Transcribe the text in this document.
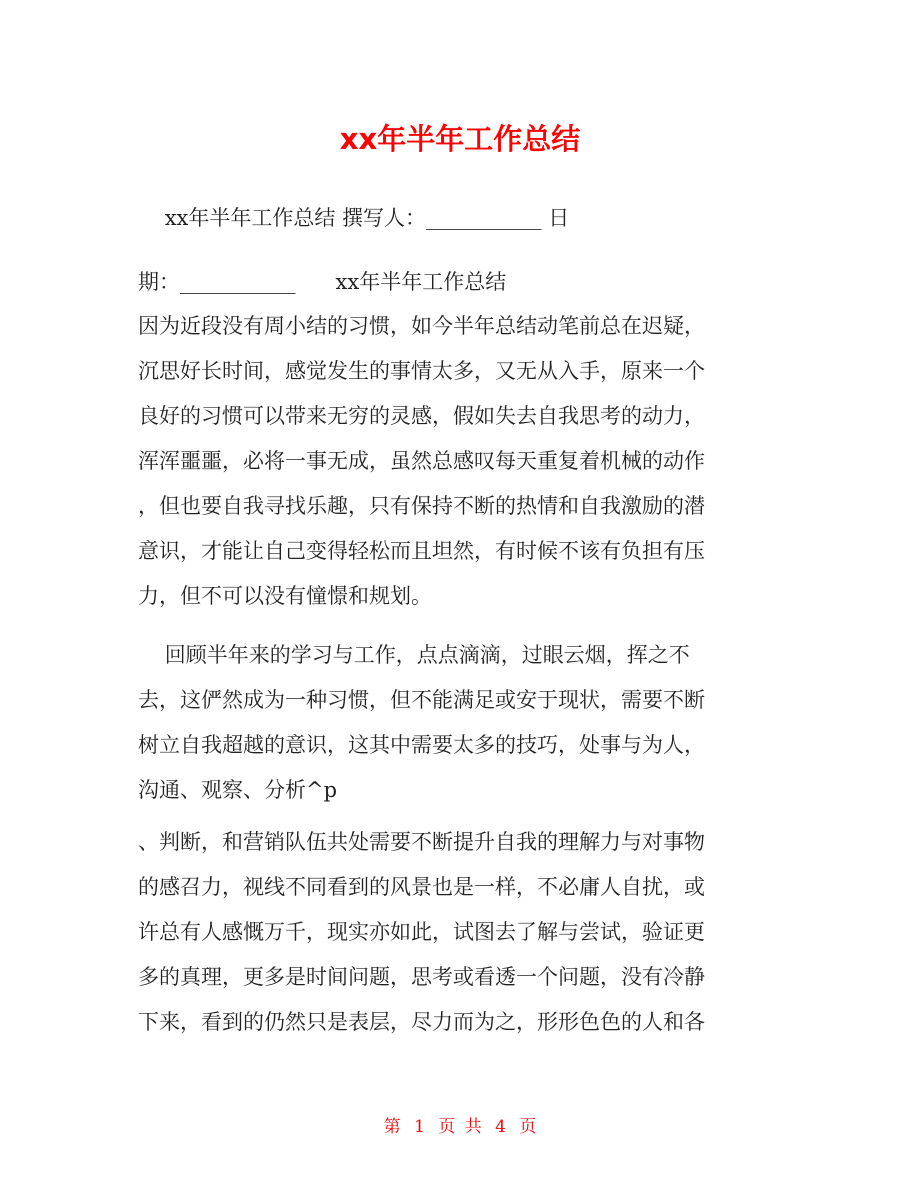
xx年半年工作总结

xx年半年工作总结 撰写人：___________ 日

期：___________      xx年半年工作总结

因为近段没有周小结的习惯，如今半年总结动笔前总在迟疑，

沉思好长时间，感觉发生的事情太多，又无从入手，原来一个

良好的习惯可以带来无穷的灵感，假如失去自我思考的动力，

浑浑噩噩，必将一事无成，虽然总感叹每天重复着机械的动作

，但也要自我寻找乐趣，只有保持不断的热情和自我激励的潜

意识，才能让自己变得轻松而且坦然，有时候不该有负担有压

力，但不可以没有憧憬和规划。

回顾半年来的学习与工作，点点滴滴，过眼云烟，挥之不

去，这俨然成为一种习惯，但不能满足或安于现状，需要不断

树立自我超越的意识，这其中需要太多的技巧，处事与为人，

沟通、观察、分析^p

、判断，和营销队伍共处需要不断提升自我的理解力与对事物

的感召力，视线不同看到的风景也是一样，不必庸人自扰，或

许总有人感慨万千，现实亦如此，试图去了解与尝试，验证更

多的真理，更多是时间问题，思考或看透一个问题，没有冷静

下来，看到的仍然只是表层，尽力而为之，形形色色的人和各

第 1 页 共 4 页
